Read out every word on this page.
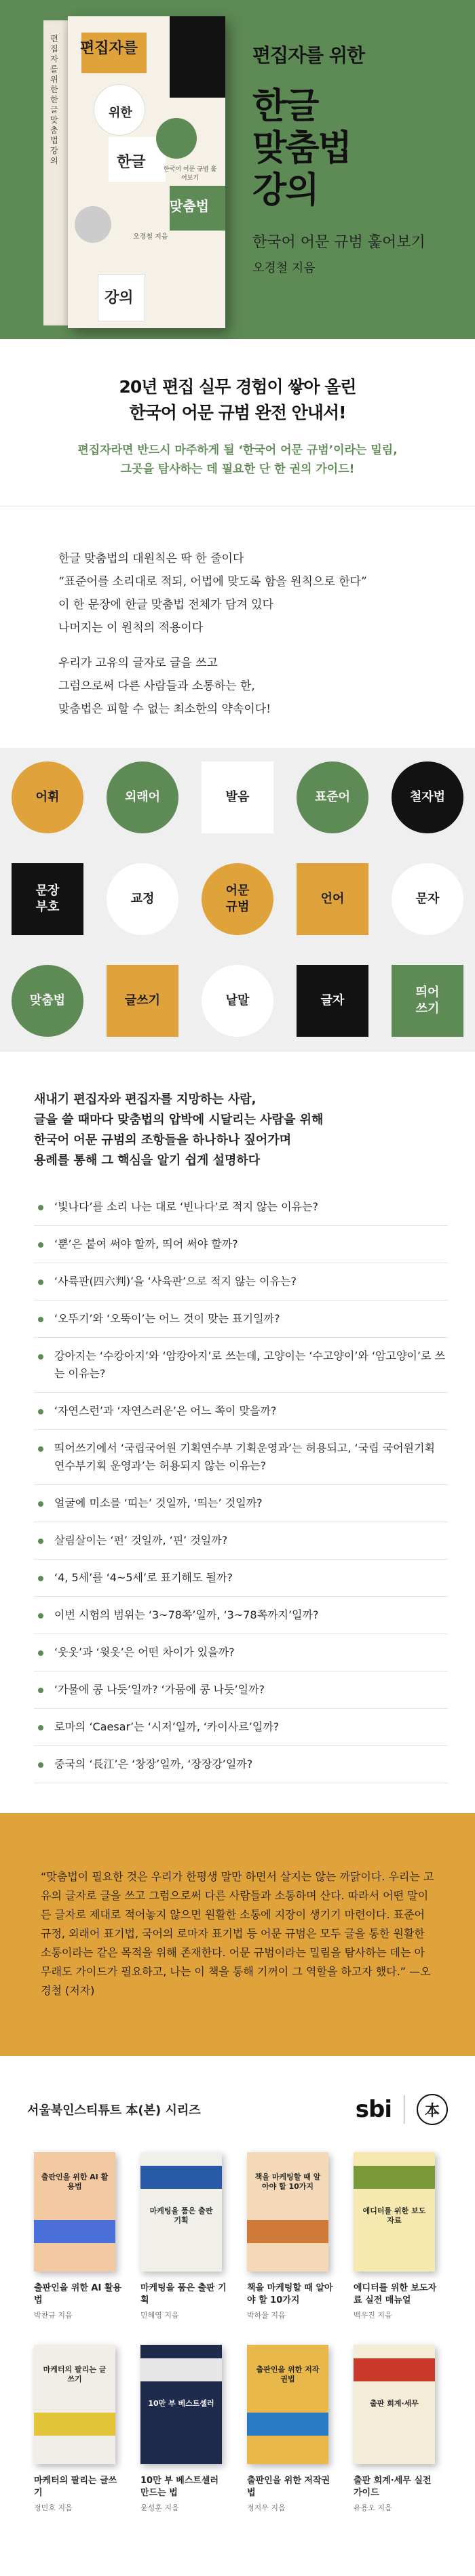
편집자를위한한글맞춤법강의
편집자를
위한
한글	한국어 어문 규범 훑어보기
맞춤법
오경철 지음
강의
편집자를 위한
한글
맞춤법
강의
한국어 어문 규범 훑어보기
오경철 지음
20년 편집 실무 경험이 쌓아 올린
한국어 어문 규범 완전 안내서!
편집자라면 반드시 마주하게 될 ‘한국어 어문 규범’이라는 밀림,
그곳을 탐사하는 데 필요한 단 한 권의 가이드!

한글 맞춤법의 대원칙은 딱 한 줄이다

“표준어를 소리대로 적되, 어법에 맞도록 함을 원칙으로 한다”

이 한 문장에 한글 맞춤법 전체가 담겨 있다

나머지는 이 원칙의 적용이다

우리가 고유의 글자로 글을 쓰고

그럼으로써 다른 사람들과 소통하는 한,

맞춤법은 피할 수 없는 최소한의 약속이다!

어휘	외래어	발음	표준어	철자법
문장
부호
교정
어문
규범
언어	문자
맞춤법	글쓰기	낱말	글자
띄어
쓰기
새내기 편집자와 편집자를 지망하는 사람,
글을 쓸 때마다 맞춤법의 압박에 시달리는 사람을 위해
한국어 어문 규범의 조항들을 하나하나 짚어가며
용례를 통해 그 핵심을 알기 쉽게 설명하다
‘빛나다’를 소리 나는 대로 ‘빈나다’로 적지 않는 이유는?
‘뿐’은 붙여 써야 할까, 띄어 써야 할까?
‘사륙판(四六判)’을 ‘사육판’으로 적지 않는 이유는?
‘오뚜기’와 ‘오뚝이’는 어느 것이 맞는 표기일까?
강아지는 ‘수캉아지’와 ‘암캉아지’로 쓰는데, 고양이는 ‘수고양이’와 ‘암고양이’로 쓰는 이유는?
‘자연스런’과 ‘자연스러운’은 어느 쪽이 맞을까?
띄어쓰기에서 ‘국립국어원 기획연수부 기획운영과’는 허용되고, ‘국립 국어원기획 연수부기획 운영과’는 허용되지 않는 이유는?
얼굴에 미소를 ‘띠는’ 것일까, ‘띄는’ 것일까?
살림살이는 ‘펀’ 것일까, ‘핀’ 것일까?
‘4, 5세’를 ‘4~5세’로 표기해도 될까?
이번 시험의 범위는 ‘3~78쪽’일까, ‘3~78쪽까지’일까?
‘웃옷’과 ‘윗옷’은 어떤 차이가 있을까?
‘가물에 콩 나듯’일까? ‘가뭄에 콩 나듯’일까?
로마의 ‘Caesar’는 ‘시저’일까, ‘카이사르’일까?
중국의 ‘長江’은 ‘창장’일까, ‘장장강’일까?

“맞춤법이 필요한 것은 우리가 한평생 말만 하면서 살지는 않는 까닭이다. 우리는 고유의 글자로 글을 쓰고 그럼으로써 다른 사람들과 소통하며 산다. 따라서 어떤 말이든 글자로 제대로 적어놓지 않으면 원활한 소통에 지장이 생기기 마련이다. 표준어 규정, 외래어 표기법, 국어의 로마자 표기법 등 어문 규범은 모두 글을 통한 원활한 소통이라는 같은 목적을 위해 존재한다. 어문 규범이라는 밀림을 탐사하는 데는 아무래도 가이드가 필요하고, 나는 이 책을 통해 기꺼이 그 역할을 하고자 했다.” —오경철 (저자)

서울북인스티튜트 本(본) 시리즈	sbi	本
출판인을 위한 AI 활용법
출판인을 위한 AI 활용법
박찬규 지음
마케팅을 품은 출판 기획
마케팅을 품은 출판 기획
민혜영 지음
책을 마케팅할 때 알아야 할 10가지
책을 마케팅할 때 알아야 할 10가지
박하율 지음
에디터를 위한 보도자료
에디터를 위한 보도자료 실전 매뉴얼
백우진 지음
마케터의 팔리는 글쓰기
마케터의 팔리는 글쓰기
정민호 지음
10만 부 베스트셀러
10만 부 베스트셀러 만드는 법
윤성훈 지음
출판인을 위한 저작권법
출판인을 위한 저작권법
정지우 지음
출판 회계·세무
출판 회계·세무 실전 가이드
유용오 지음
